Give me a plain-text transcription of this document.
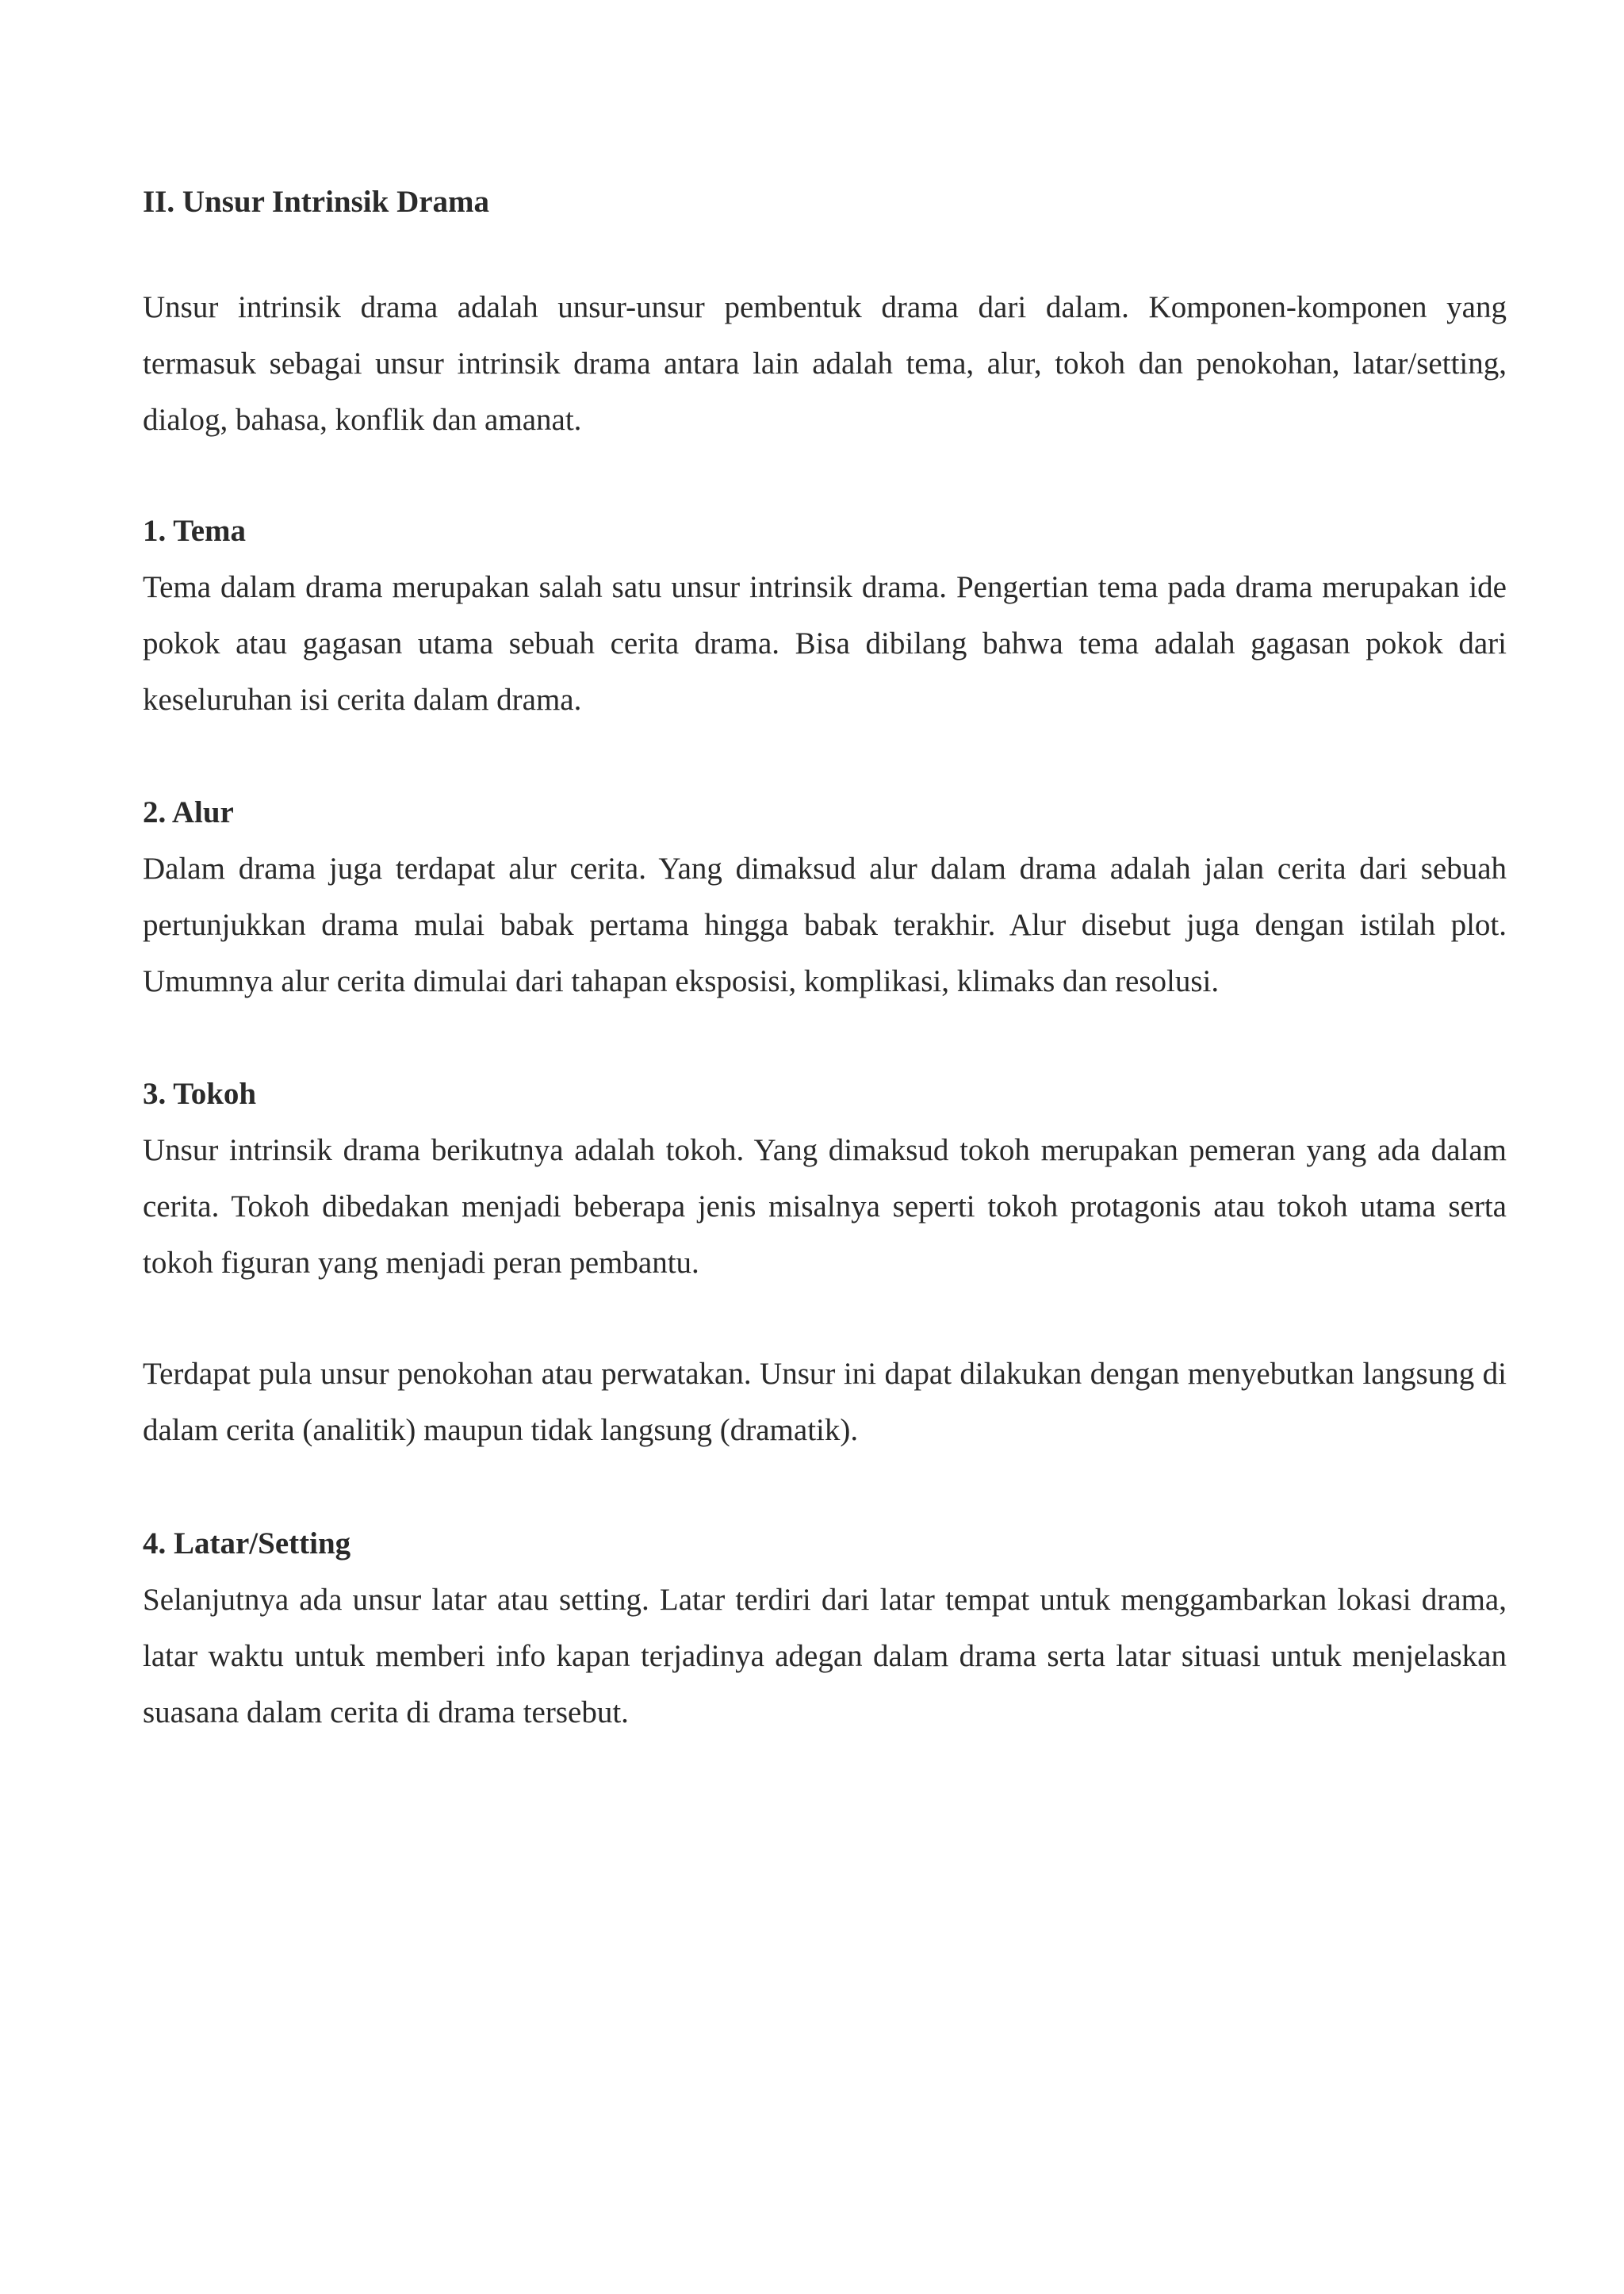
II. Unsur Intrinsik Drama

Unsur intrinsik drama adalah unsur-unsur pembentuk drama dari dalam. Komponen-komponen yang termasuk sebagai unsur intrinsik drama antara lain adalah tema, alur, tokoh dan penokohan, latar/setting, dialog, bahasa, konflik dan amanat.

1. Tema

Tema dalam drama merupakan salah satu unsur intrinsik drama. Pengertian tema pada drama merupakan ide pokok atau gagasan utama sebuah cerita drama. Bisa dibilang bahwa tema adalah gagasan pokok dari keseluruhan isi cerita dalam drama.

2. Alur

Dalam drama juga terdapat alur cerita. Yang dimaksud alur dalam drama adalah jalan cerita dari sebuah pertunjukkan drama mulai babak pertama hingga babak terakhir. Alur disebut juga dengan istilah plot. Umumnya alur cerita dimulai dari tahapan eksposisi, komplikasi, klimaks dan resolusi.

3. Tokoh

Unsur intrinsik drama berikutnya adalah tokoh. Yang dimaksud tokoh merupakan pemeran yang ada dalam cerita. Tokoh dibedakan menjadi beberapa jenis misalnya seperti tokoh protagonis atau tokoh utama serta tokoh figuran yang menjadi peran pembantu.

Terdapat pula unsur penokohan atau perwatakan. Unsur ini dapat dilakukan dengan menyebutkan langsung di dalam cerita (analitik) maupun tidak langsung (dramatik).

4. Latar/Setting

Selanjutnya ada unsur latar atau setting. Latar terdiri dari latar tempat untuk menggambarkan lokasi drama, latar waktu untuk memberi info kapan terjadinya adegan dalam drama serta latar situasi untuk menjelaskan suasana dalam cerita di drama tersebut.
